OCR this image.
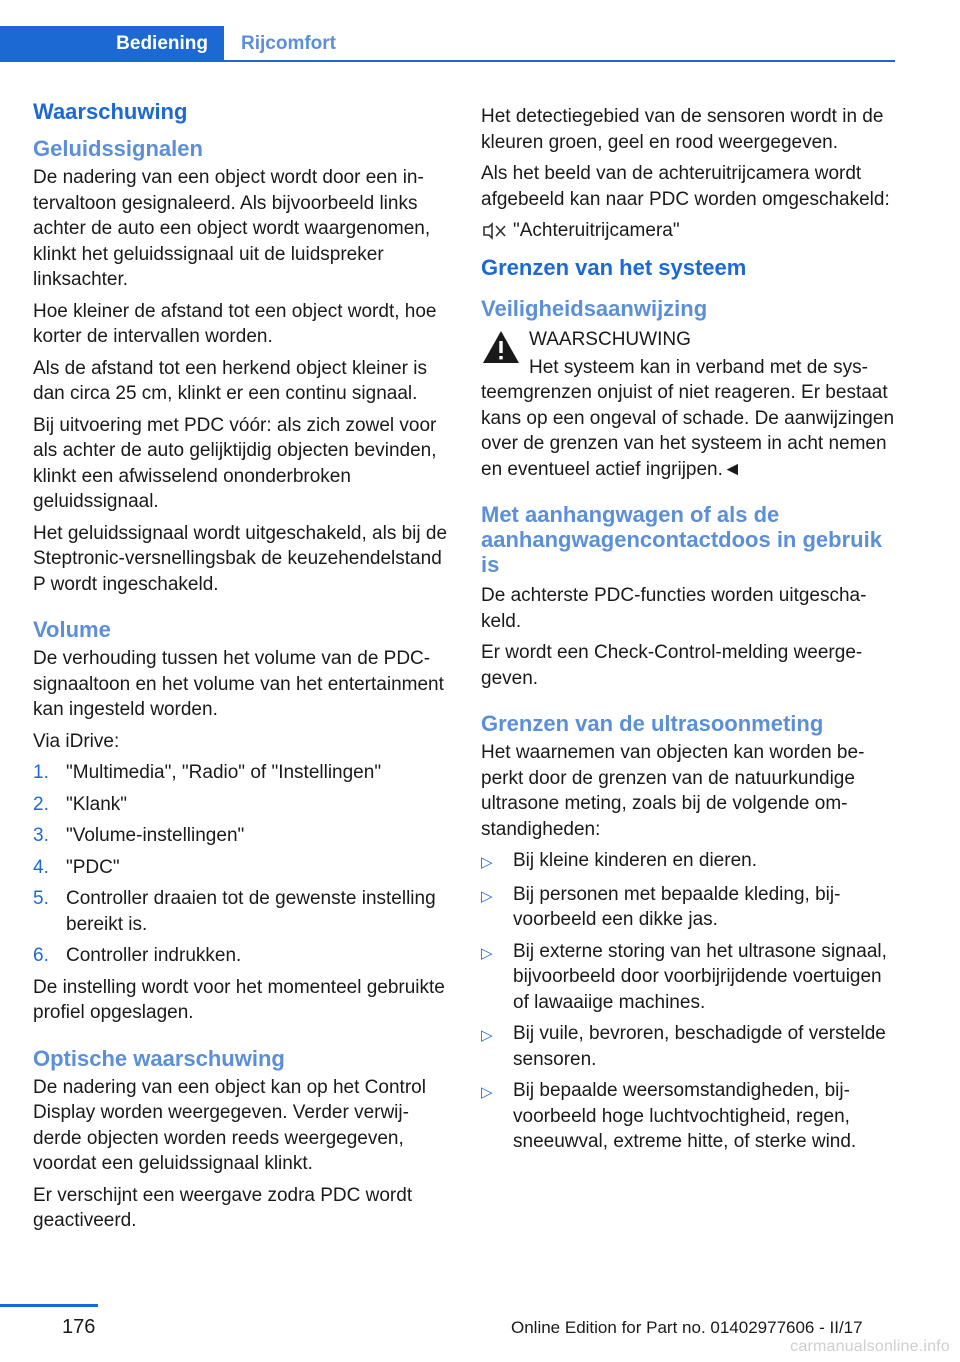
Bediening	Rijcomfort
Waarschuwing
Geluidssignalen

De nadering van een object wordt door een intervaltoon gesignaleerd. Als bijvoorbeeld links achter de auto een object wordt waargenomen, klinkt het geluidssignaal uit de luidspreker linksachter.

Hoe kleiner de afstand tot een object wordt, hoe korter de intervallen worden.

Als de afstand tot een herkend object kleiner is dan circa 25 cm, klinkt er een continu signaal.

Bij uitvoering met PDC vóór: als zich zowel voor als achter de auto gelijktijdig objecten bevinden, klinkt een afwisselend ononderbroken geluidssignaal.

Het geluidssignaal wordt uitgeschakeld, als bij de Steptronic-versnellingsbak de keuzehendelstand P wordt ingeschakeld.

Volume

De verhouding tussen het volume van de PDC-signaaltoon en het volume van het entertainment kan ingesteld worden.

Via iDrive:

1. "Multimedia", "Radio" of "Instellingen"
2. "Klank"
3. "Volume-instellingen"
4. "PDC"
5. Controller draaien tot de gewenste instelling bereikt is.
6. Controller indrukken.

De instelling wordt voor het momenteel gebruikte profiel opgeslagen.

Optische waarschuwing

De nadering van een object kan op het Control Display worden weergegeven. Verder verwijderde objecten worden reeds weergegeven, voordat een geluidssignaal klinkt.

Er verschijnt een weergave zodra PDC wordt geactiveerd.

Het detectiegebied van de sensoren wordt in de kleuren groen, geel en rood weergegeven.

Als het beeld van de achteruitrijcamera wordt afgebeeld kan naar PDC worden omgeschakeld:

"Achteruitrijcamera"
Grenzen van het systeem
Veiligheidsaanwijzing

WAARSCHUWING

Het systeem kan in verband met de systeemgrenzen onjuist of niet reageren. Er bestaat kans op een ongeval of schade. De aanwijzingen over de grenzen van het systeem in acht nemen en eventueel actief ingrijpen.◄

Met aanhangwagen of als de aanhangwagencontactdoos in gebruik is

De achterste PDC-functies worden uitgeschakeld.

Er wordt een Check-Control-melding weergegeven.

Grenzen van de ultrasoonmeting

Het waarnemen van objecten kan worden beperkt door de grenzen van de natuurkundige ultrasone meting, zoals bij de volgende omstandigheden:

▷	Bij kleine kinderen en dieren.
▷	Bij personen met bepaalde kleding, bijvoorbeeld een dikke jas.
▷	Bij externe storing van het ultrasone signaal, bijvoorbeeld door voorbijrijdende voertuigen of lawaaiige machines.
▷	Bij vuile, bevroren, beschadigde of verstelde sensoren.
▷	Bij bepaalde weersomstandigheden, bijvoorbeeld hoge luchtvochtigheid, regen, sneeuwval, extreme hitte, of sterke wind.
176	Online Edition for Part no. 01402977606 - II/17
carmanualsonline.info
